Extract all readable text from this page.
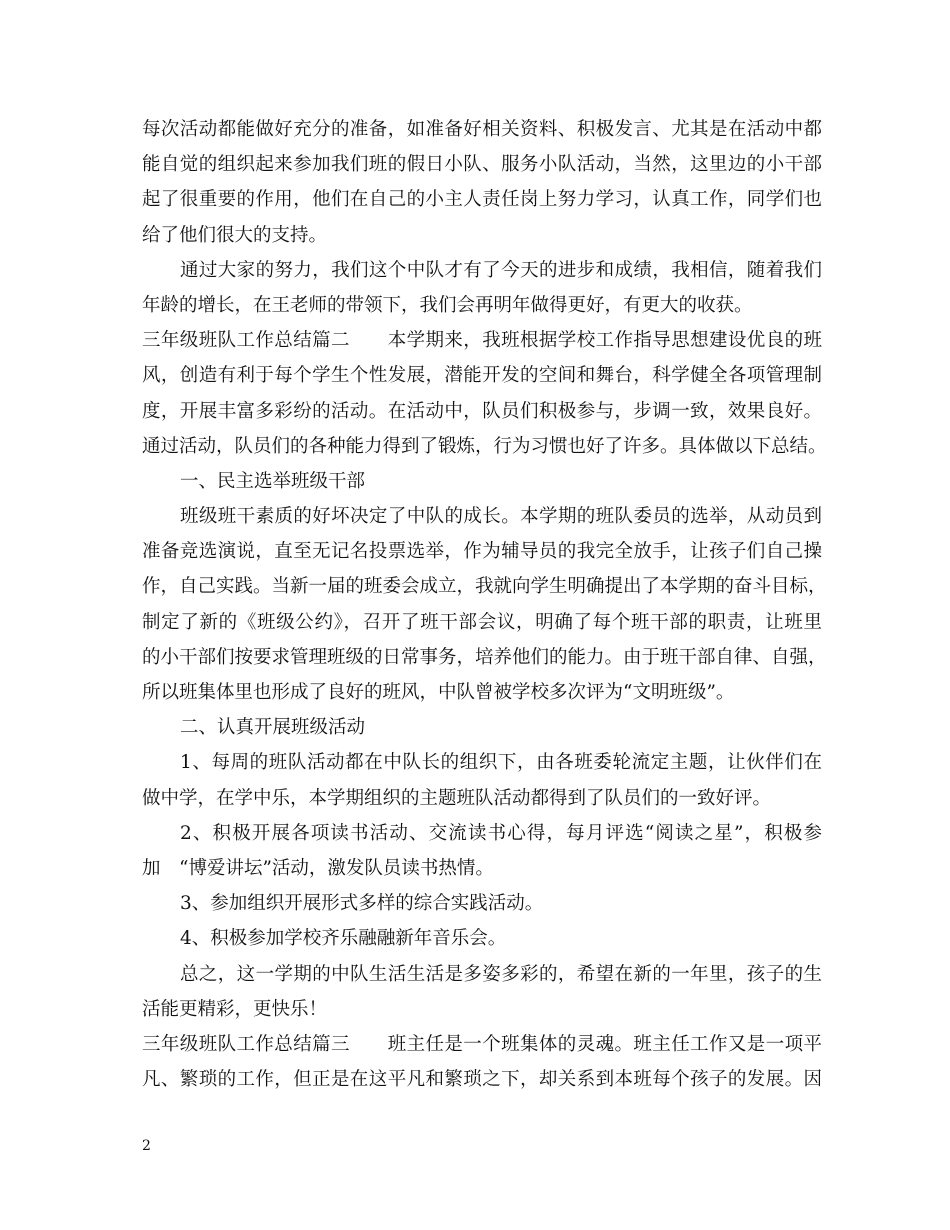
每次活动都能做好充分的准备，如准备好相关资料、积极发言、尤其是在活动中都
能自觉的组织起来参加我们班的假日小队、服务小队活动，当然，这里边的小干部
起了很重要的作用，他们在自己的小主人责任岗上努力学习，认真工作，同学们也
给了他们很大的支持。
通过大家的努力，我们这个中队才有了今天的进步和成绩，我相信，随着我们
年龄的增长，在王老师的带领下，我们会再明年做得更好，有更大的收获。
三年级班队工作总结篇二　　本学期来，我班根据学校工作指导思想建设优良的班
风，创造有利于每个学生个性发展，潜能开发的空间和舞台，科学健全各项管理制
度，开展丰富多彩纷的活动。在活动中，队员们积极参与，步调一致，效果良好。
通过活动，队员们的各种能力得到了锻炼，行为习惯也好了许多。具体做以下总结。
一、民主选举班级干部
班级班干素质的好坏决定了中队的成长。本学期的班队委员的选举，从动员到
准备竞选演说，直至无记名投票选举，作为辅导员的我完全放手，让孩子们自己操
作，自己实践。当新一届的班委会成立，我就向学生明确提出了本学期的奋斗目标，
制定了新的《班级公约》，召开了班干部会议，明确了每个班干部的职责，让班里
的小干部们按要求管理班级的日常事务，培养他们的能力。由于班干部自律、自强，
所以班集体里也形成了良好的班风，中队曾被学校多次评为“文明班级”。
二、认真开展班级活动
1、每周的班队活动都在中队长的组织下，由各班委轮流定主题，让伙伴们在
做中学，在学中乐，本学期组织的主题班队活动都得到了队员们的一致好评。
2、积极开展各项读书活动、交流读书心得，每月评选“阅读之星”，积极参
加　“博爱讲坛”活动，激发队员读书热情。
3、参加组织开展形式多样的综合实践活动。
4、积极参加学校齐乐融融新年音乐会。
总之，这一学期的中队生活生活是多姿多彩的，希望在新的一年里，孩子的生
活能更精彩，更快乐！
三年级班队工作总结篇三　　班主任是一个班集体的灵魂。班主任工作又是一项平
凡、繁琐的工作，但正是在这平凡和繁琐之下，却关系到本班每个孩子的发展。因
2
